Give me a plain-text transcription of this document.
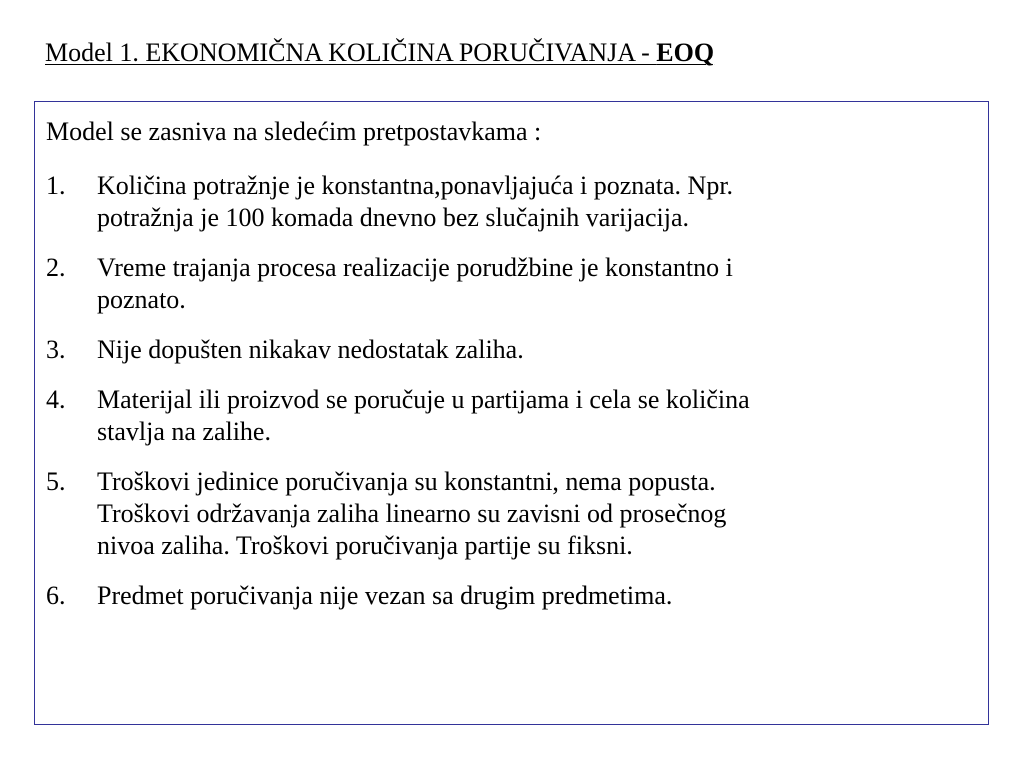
Model 1. EKONOMIČNA KOLIČINA PORUČIVANJA - EOQ
Model se zasniva na sledećim pretpostavkama :
1. Količina potražnje je konstantna,ponavljajuća i poznata. Npr.
potražnja je 100 komada dnevno bez slučajnih varijacija.
2. Vreme trajanja procesa realizacije porudžbine je konstantno i
poznato.
3. Nije dopušten nikakav nedostatak zaliha.
4. Materijal ili proizvod se poručuje u partijama i cela se količina
stavlja na zalihe.
5. Troškovi jedinice poručivanja su konstantni, nema popusta.
Troškovi održavanja zaliha linearno su zavisni od prosečnog
nivoa zaliha. Troškovi poručivanja partije su fiksni.
6. Predmet poručivanja nije vezan sa drugim predmetima.
